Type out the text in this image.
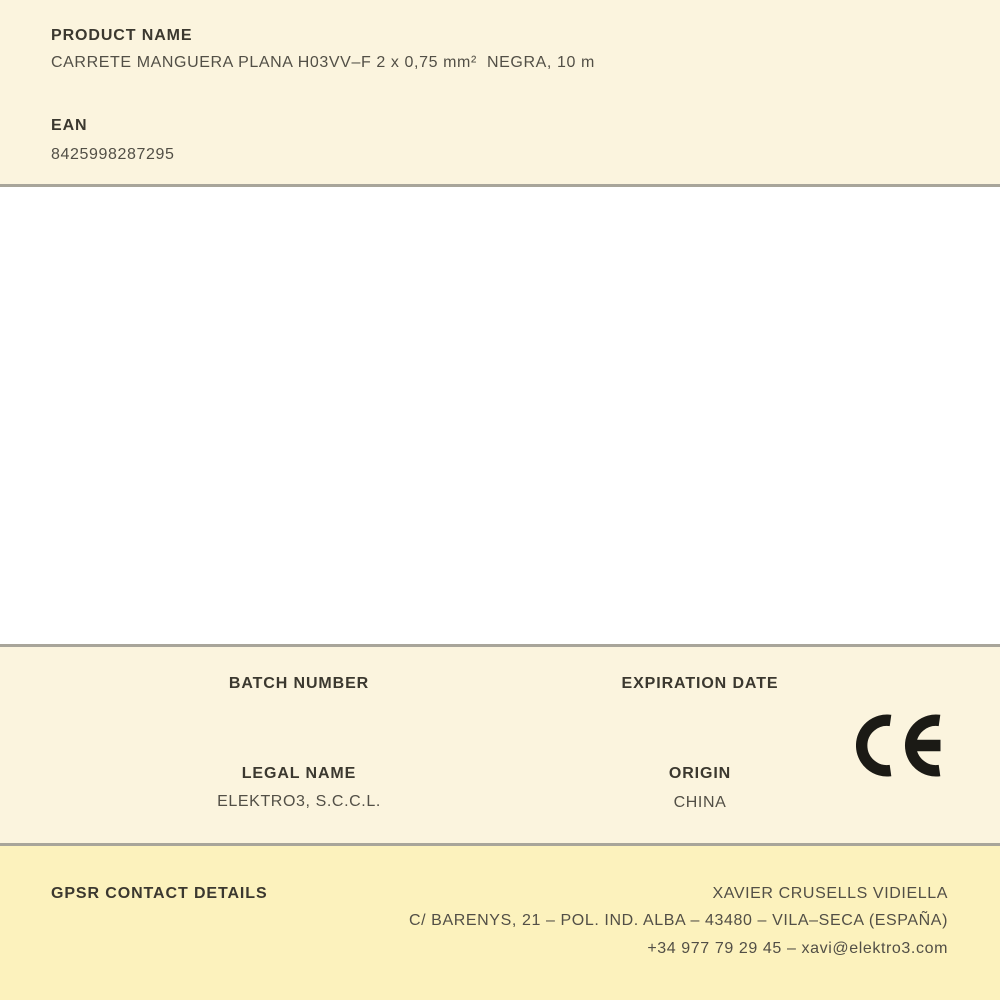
PRODUCT NAME
CARRETE MANGUERA PLANA H03VV–F 2 x 0,75 mm²  NEGRA, 10 m
EAN
8425998287295
BATCH NUMBER	EXPIRATION DATE
LEGAL NAME
ELEKTRO3, S.C.C.L.
ORIGIN
CHINA
GPSR CONTACT DETAILS	XAVIER CRUSELLS VIDIELLA
C/ BARENYS, 21 – POL. IND. ALBA – 43480 – VILA–SECA (ESPAÑA)
+34 977 79 29 45 – xavi@elektro3.com
